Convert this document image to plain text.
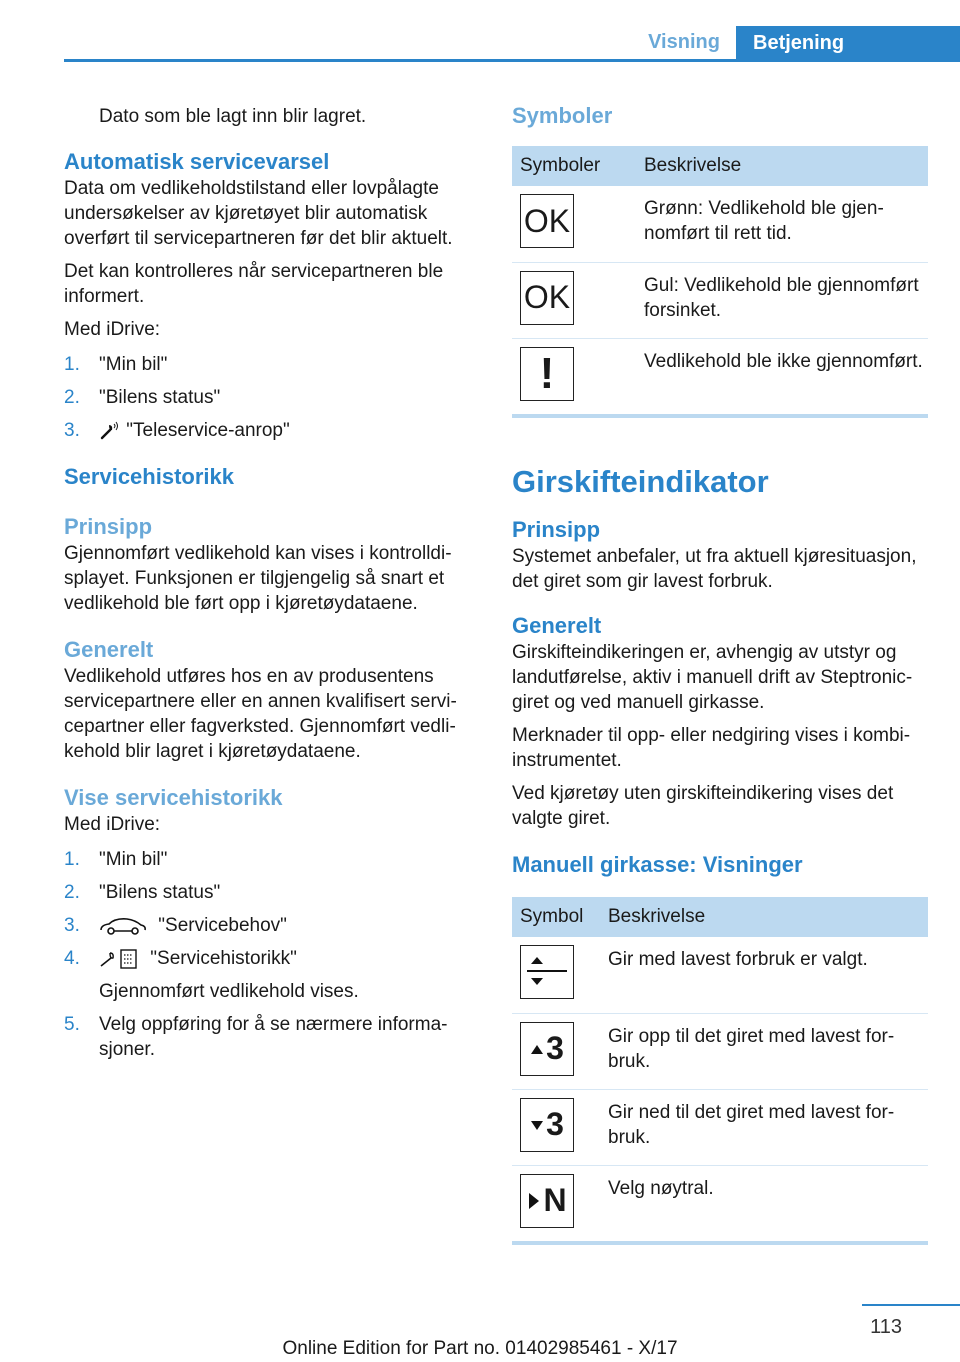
Visning	Betjening

Dato som ble lagt inn blir lagret.

Automatisk servicevarsel

Data om vedlikeholdstilstand eller lovpålagte undersøkelser av kjøretøyet blir automatisk overført til servicepartneren før det blir aktuelt.

Det kan kontrolleres når servicepartneren ble informert.

Med iDrive:

1. "Min bil"
2. "Bilens status"
3. "Teleservice-anrop"
Servicehistorikk
Prinsipp

Gjennomført vedlikehold kan vises i kontrolldisplayet. Funksjonen er tilgjengelig så snart et vedlikehold ble ført opp i kjøretøydataene.

Generelt

Vedlikehold utføres hos en av produsentens servicepartnere eller en annen kvalifisert servicepartner eller fagverksted. Gjennomført vedlikehold blir lagret i kjøretøydataene.

Vise servicehistorikk

Med iDrive:

1. "Min bil"
2. "Bilens status"
3.	"Servicebehov"
4.	"Servicehistorikk"
Gjennomført vedlikehold vises.
5. Velg oppføring for å se nærmere informasjoner.
Symboler
Symboler	Beskrivelse

OK	Grønn: Vedlikehold ble gjennomført til rett tid.

OK	Gul: Vedlikehold ble gjennomført forsinket.

!	Vedlikehold ble ikke gjennomført.
Girskifteindikator
Prinsipp

Systemet anbefaler, ut fra aktuell kjøresituasjon, det giret som gir lavest forbruk.

Generelt

Girskifteindikeringen er, avhengig av utstyr og landutførelse, aktiv i manuell drift av Steptronic-giret og ved manuell girkasse.

Merknader til opp- eller nedgiring vises i kombi-instrumentet.

Ved kjøretøy uten girskifteindikering vises det valgte giret.

Manuell girkasse: Visninger
Symbol	Beskrivelse

	Gir med lavest forbruk er valgt.

3	Gir opp til det giret med lavest forbruk.

3	Gir ned til det giret med lavest forbruk.

N	Velg nøytral.
113
Online Edition for Part no. 01402985461 - X/17
